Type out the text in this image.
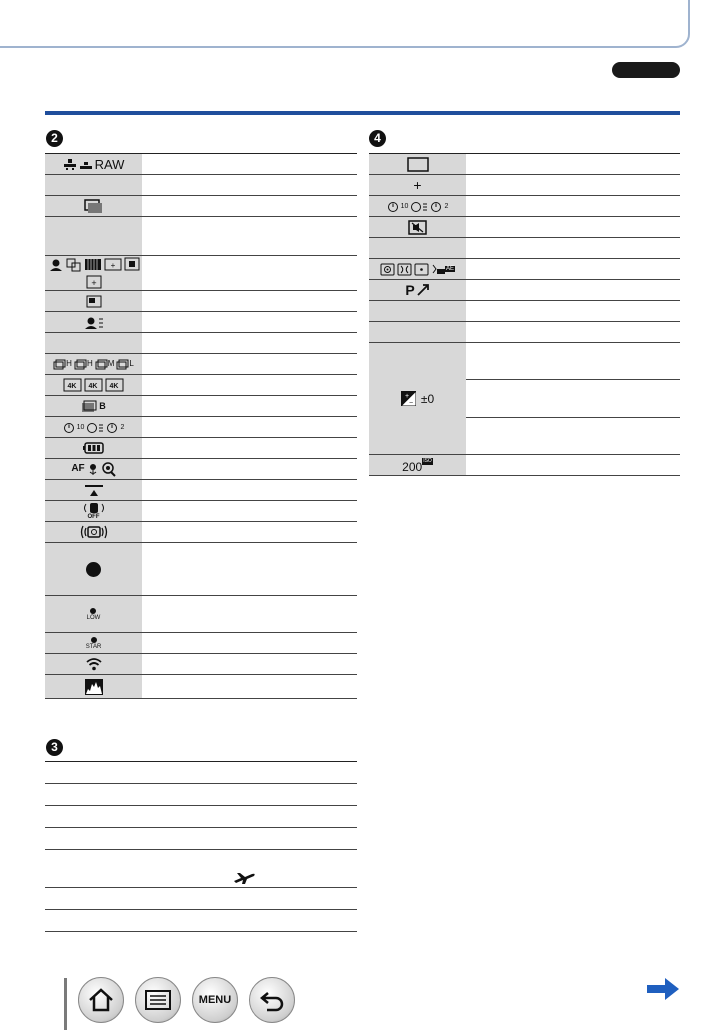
2
RAW
+
+
H H M L
4K 4K 4K
B
10	2
AF
OFF
LOW
STAR
3
4
+
10	2
AE
P
+
− ±0
200 ISO
MENU
